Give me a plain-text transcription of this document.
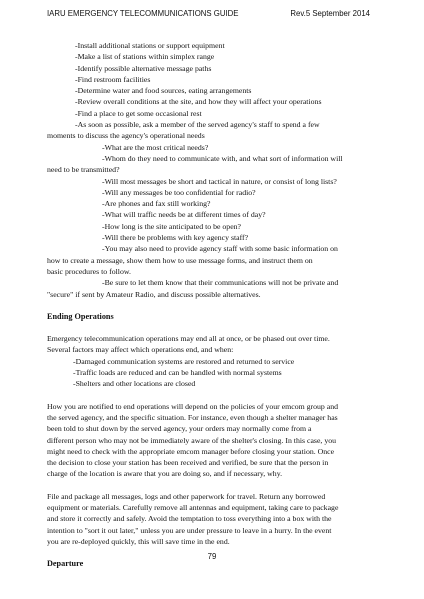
IARU EMERGENCY TELECOMMUNICATIONS GUIDE	Rev.5 September 2014
-Install additional stations or support equipment
-Make a list of stations within simplex range
-Identify possible alternative message paths
-Find restroom facilities
-Determine water and food sources, eating arrangements
-Review overall conditions at the site, and how they will affect your operations
-Find a place to get some occasional rest
-As soon as possible, ask a member of the served agency's staff to spend a few
moments to discuss the agency's operational needs
-What are the most critical needs?
-Whom do they need to communicate with, and what sort of information will
need to be transmitted?
-Will most messages be short and tactical in nature, or consist of long lists?
-Will any messages be too confidential for radio?
-Are phones and fax still working?
-What will traffic needs be at different times of day?
-How long is the site anticipated to be open?
-Will there be problems with key agency staff?
-You may also need to provide agency staff with some basic information on
how to create a message, show them how to use message forms, and instruct them on
basic procedures to follow.
-Be sure to let them know that their communications will not be private and
"secure" if sent by Amateur Radio, and discuss possible alternatives.
Ending Operations
Emergency telecommunication operations may end all at once, or be phased out over time.
Several factors may affect which operations end, and when:
-Damaged communication systems are restored and returned to service
-Traffic loads are reduced and can be handled with normal systems
-Shelters and other locations are closed
How you are notified to end operations will depend on the policies of your emcom group and
the served agency, and the specific situation. For instance, even though a shelter manager has
been told to shut down by the served agency, your orders may normally come from a
different person who may not be immediately aware of the shelter's closing. In this case, you
might need to check with the appropriate emcom manager before closing your station. Once
the decision to close your station has been received and verified, be sure that the person in
charge of the location is aware that you are doing so, and if necessary, why.
File and package all messages, logs and other paperwork for travel. Return any borrowed
equipment or materials. Carefully remove all antennas and equipment, taking care to package
and store it correctly and safely. Avoid the temptation to toss everything into a box with the
intention to "sort it out later," unless you are under pressure to leave in a hurry. In the event
you are re-deployed quickly, this will save time in the end.
Departure
79
